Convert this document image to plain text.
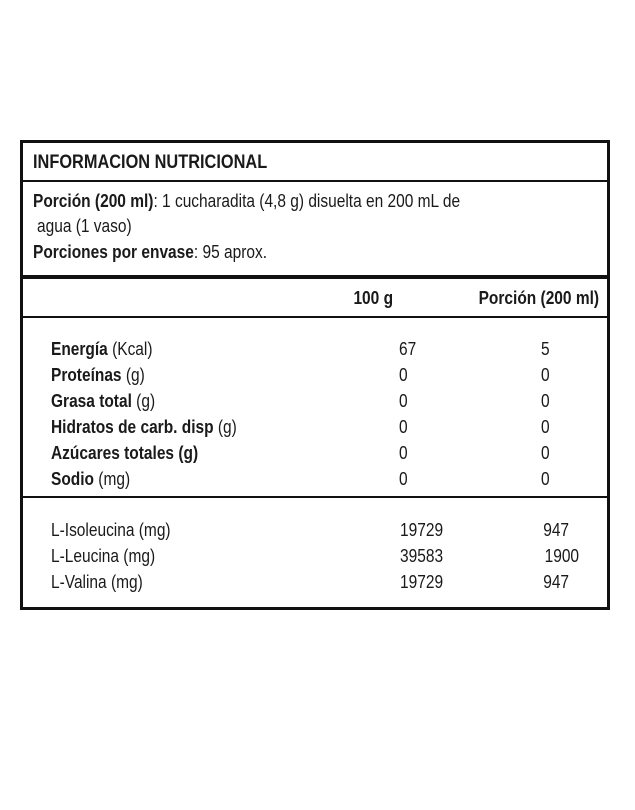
INFORMACION NUTRICIONAL
Porción (200 ml): 1 cucharadita (4,8 g) disuelta en 200 mL de
agua (1 vaso)
Porciones por envase: 95 aprox.
100 g	Porción (200 ml)
Energía (Kcal)	67	5
Proteínas (g)	0	0
Grasa total (g)	0	0
Hidratos de carb. disp (g)	0	0
Azúcares totales (g)	0	0
Sodio (mg)	0	0
L-Isoleucina (mg)	19729	947
L-Leucina (mg)	39583	1900
L-Valina (mg)	19729	947
